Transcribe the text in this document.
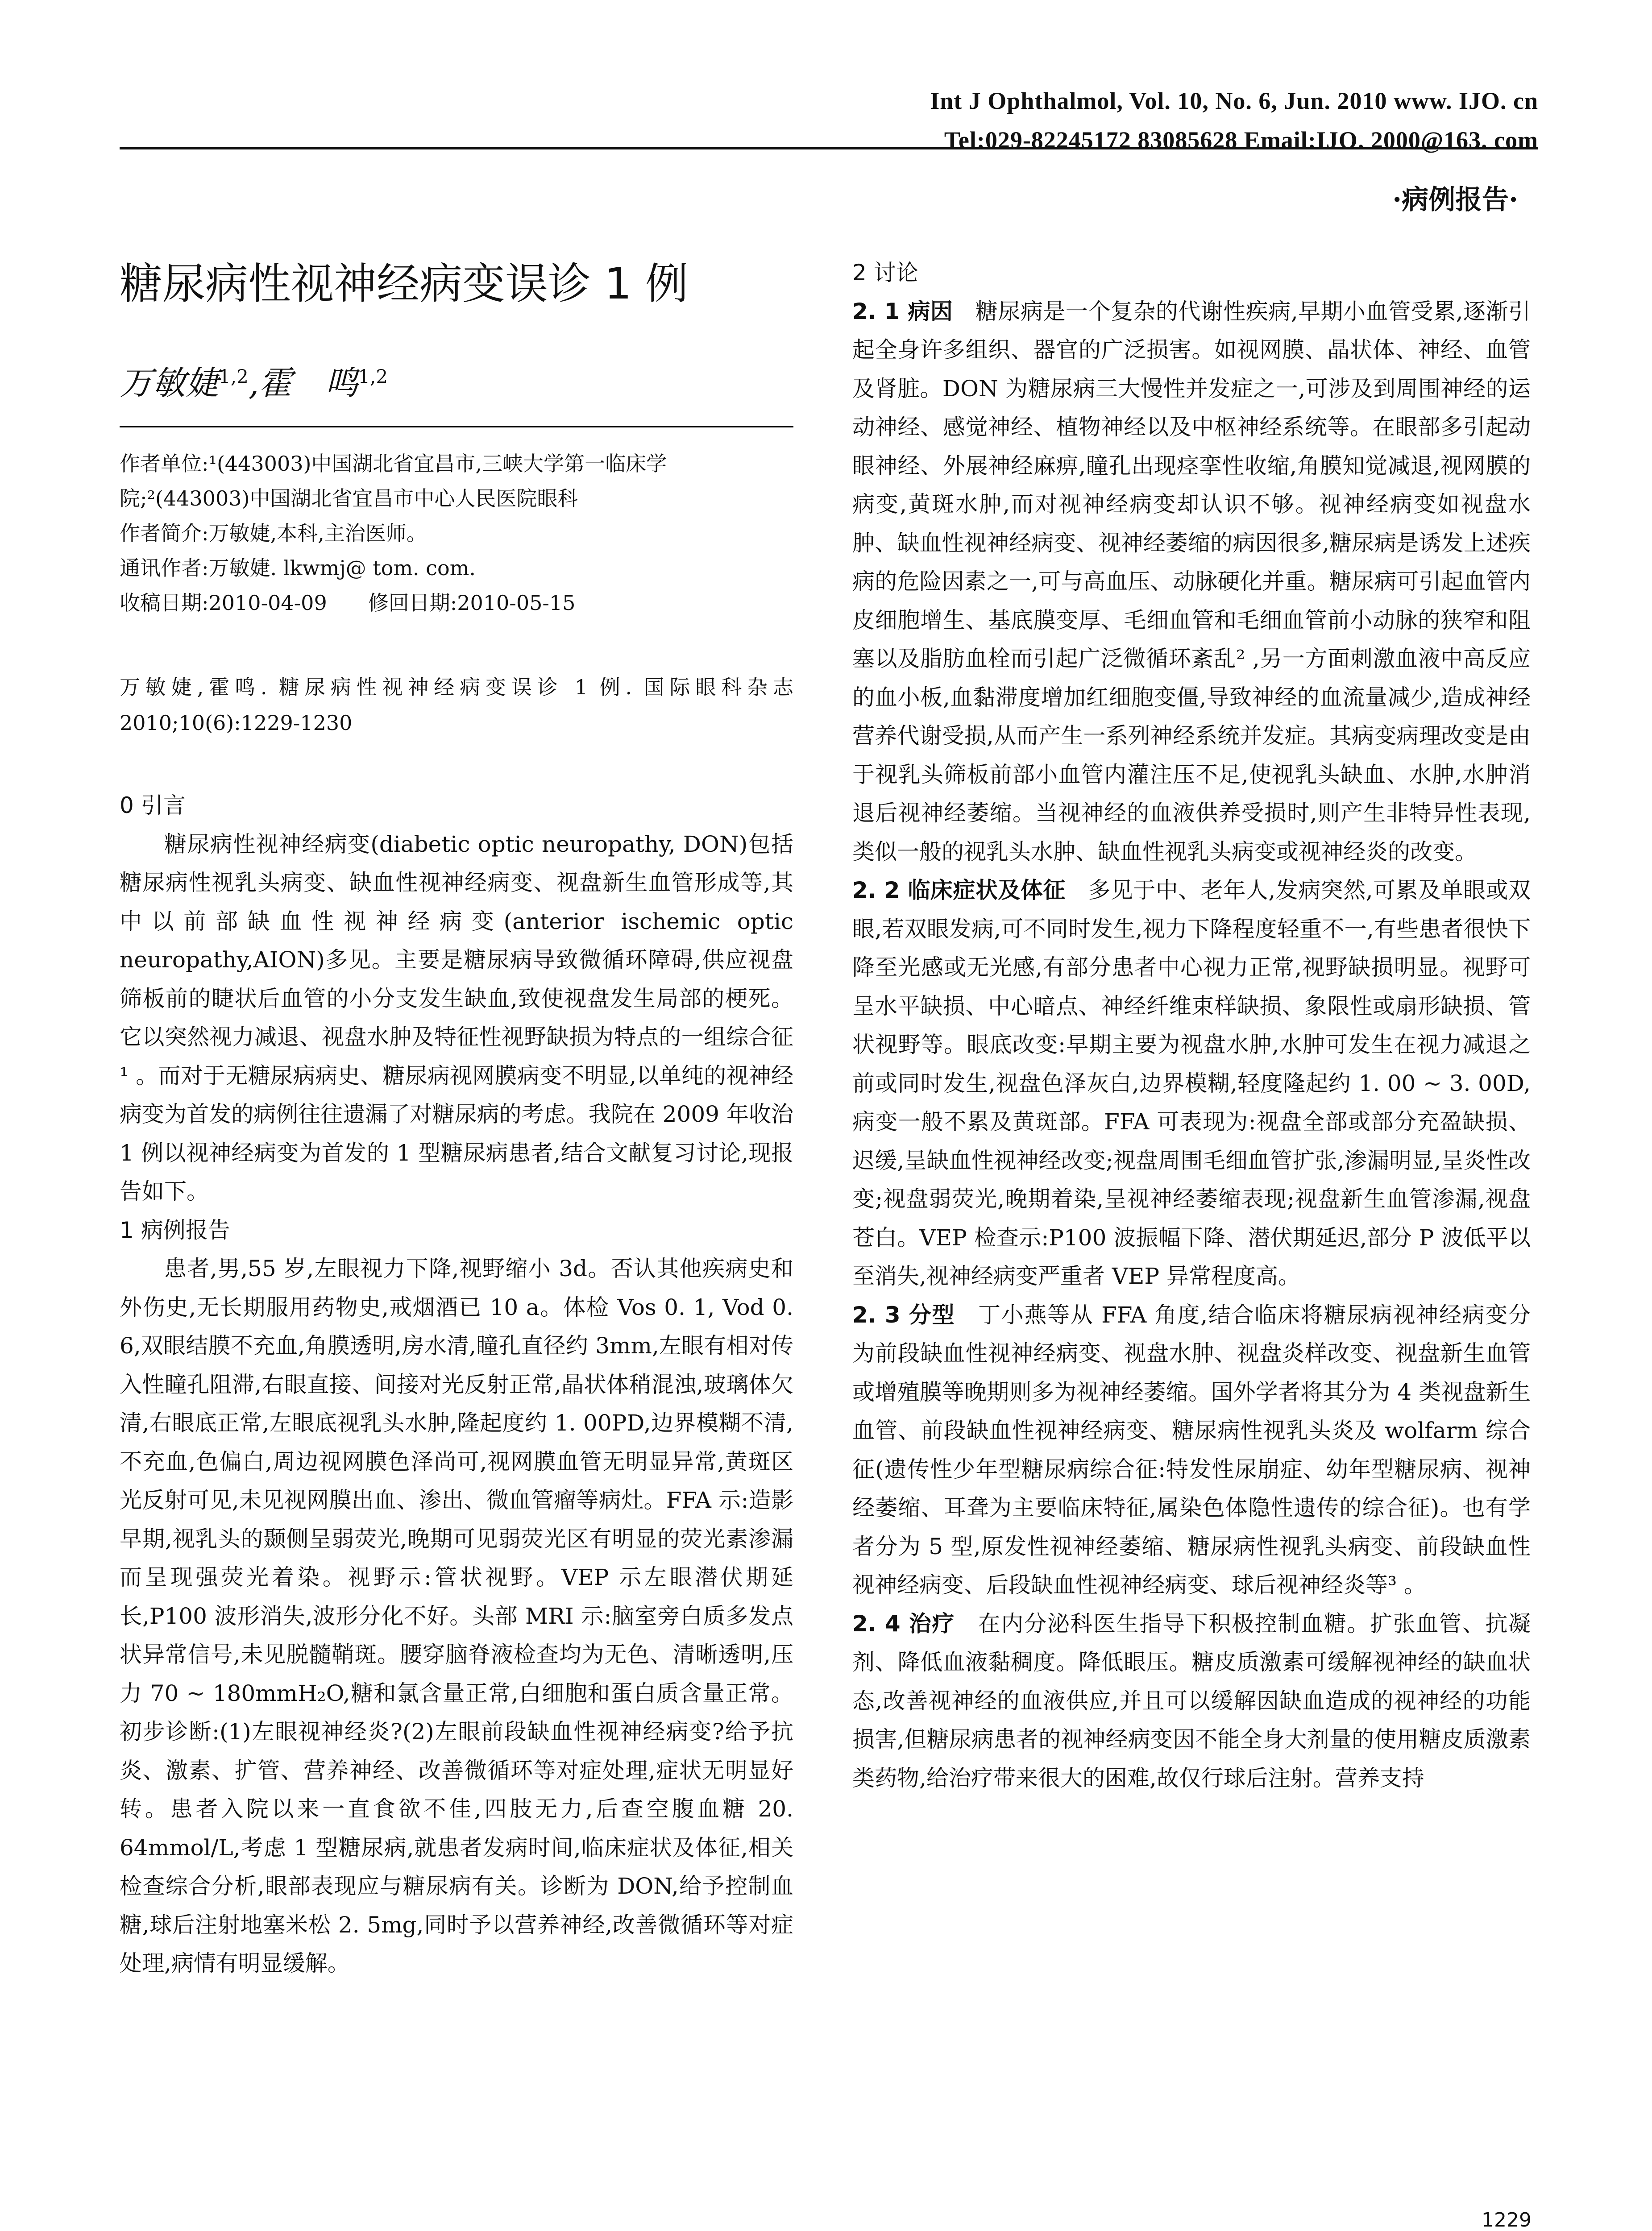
Int J Ophthalmol, Vol. 10, No. 6, Jun. 2010 www. IJO. cn
Tel:029-82245172 83085628 Email:IJO. 2000@163. com
·病例报告·
糖尿病性视神经病变误诊 1 例
万敏婕$^{1,2}$,霍　鸣$^{1,2}$

作者单位:¹(443003)中国湖北省宜昌市,三峡大学第一临床学院;²(443003)中国湖北省宜昌市中心人民医院眼科

作者简介:万敏婕,本科,主治医师。

通讯作者:万敏婕. lkwmj@ tom. com.

收稿日期:2010-04-09　　修回日期:2010-05-15

万敏婕,霍鸣. 糖尿病性视神经病变误诊 1 例. 国际眼科杂志 2010;10(6):1229-1230
0 引言

糖尿病性视神经病变(diabetic optic neuropathy, DON)包括糖尿病性视乳头病变、缺血性视神经病变、视盘新生血管形成等,其中以前部缺血性视神经病变(anterior ischemic optic neuropathy,AION)多见。主要是糖尿病导致微循环障碍,供应视盘筛板前的睫状后血管的小分支发生缺血,致使视盘发生局部的梗死。它以突然视力减退、视盘水肿及特征性视野缺损为特点的一组综合征¹ 。而对于无糖尿病病史、糖尿病视网膜病变不明显,以单纯的视神经病变为首发的病例往往遗漏了对糖尿病的考虑。我院在 2009 年收治 1 例以视神经病变为首发的 1 型糖尿病患者,结合文献复习讨论,现报告如下。

1 病例报告

患者,男,55 岁,左眼视力下降,视野缩小 3d。否认其他疾病史和外伤史,无长期服用药物史,戒烟酒已 10 a。体检 Vos 0. 1, Vod 0. 6,双眼结膜不充血,角膜透明,房水清,瞳孔直径约 3mm,左眼有相对传入性瞳孔阻滞,右眼直接、间接对光反射正常,晶状体稍混浊,玻璃体欠清,右眼底正常,左眼底视乳头水肿,隆起度约 1. 00PD,边界模糊不清,不充血,色偏白,周边视网膜色泽尚可,视网膜血管无明显异常,黄斑区光反射可见,未见视网膜出血、渗出、微血管瘤等病灶。FFA 示:造影早期,视乳头的颞侧呈弱荧光,晚期可见弱荧光区有明显的荧光素渗漏而呈现强荧光着染。视野示:管状视野。VEP 示左眼潜伏期延长,P100 波形消失,波形分化不好。头部 MRI 示:脑室旁白质多发点状异常信号,未见脱髓鞘斑。腰穿脑脊液检查均为无色、清晰透明,压力 70 ~ 180mmH₂O,糖和氯含量正常,白细胞和蛋白质含量正常。初步诊断:(1)左眼视神经炎?(2)左眼前段缺血性视神经病变?给予抗炎、激素、扩管、营养神经、改善微循环等对症处理,症状无明显好转。患者入院以来一直食欲不佳,四肢无力,后查空腹血糖 20. 64mmol/L,考虑 1 型糖尿病,就患者发病时间,临床症状及体征,相关检查综合分析,眼部表现应与糖尿病有关。诊断为 DON,给予控制血糖,球后注射地塞米松 2. 5mg,同时予以营养神经,改善微循环等对症处理,病情有明显缓解。

2 讨论

2. 1 病因　 糖尿病是一个复杂的代谢性疾病,早期小血管受累,逐渐引起全身许多组织、器官的广泛损害。如视网膜、晶状体、神经、血管及肾脏。DON 为糖尿病三大慢性并发症之一,可涉及到周围神经的运动神经、感觉神经、植物神经以及中枢神经系统等。在眼部多引起动眼神经、外展神经麻痹,瞳孔出现痉挛性收缩,角膜知觉减退,视网膜的病变,黄斑水肿,而对视神经病变却认识不够。视神经病变如视盘水肿、缺血性视神经病变、视神经萎缩的病因很多,糖尿病是诱发上述疾病的危险因素之一,可与高血压、动脉硬化并重。糖尿病可引起血管内皮细胞增生、基底膜变厚、毛细血管和毛细血管前小动脉的狭窄和阻塞以及脂肪血栓而引起广泛微循环紊乱² ,另一方面刺激血液中高反应的血小板,血黏滞度增加红细胞变僵,导致神经的血流量减少,造成神经营养代谢受损,从而产生一系列神经系统并发症。其病变病理改变是由于视乳头筛板前部小血管内灌注压不足,使视乳头缺血、水肿,水肿消退后视神经萎缩。当视神经的血液供养受损时,则产生非特异性表现,类似一般的视乳头水肿、缺血性视乳头病变或视神经炎的改变。

2. 2 临床症状及体征　 多见于中、老年人,发病突然,可累及单眼或双眼,若双眼发病,可不同时发生,视力下降程度轻重不一,有些患者很快下降至光感或无光感,有部分患者中心视力正常,视野缺损明显。视野可呈水平缺损、中心暗点、神经纤维束样缺损、象限性或扇形缺损、管状视野等。眼底改变:早期主要为视盘水肿,水肿可发生在视力减退之前或同时发生,视盘色泽灰白,边界模糊,轻度隆起约 1. 00 ~ 3. 00D,病变一般不累及黄斑部。FFA 可表现为:视盘全部或部分充盈缺损、迟缓,呈缺血性视神经改变;视盘周围毛细血管扩张,渗漏明显,呈炎性改变;视盘弱荧光,晚期着染,呈视神经萎缩表现;视盘新生血管渗漏,视盘苍白。VEP 检查示:P100 波振幅下降、潜伏期延迟,部分 P 波低平以至消失,视神经病变严重者 VEP 异常程度高。

2. 3 分型　 丁小燕等从 FFA 角度,结合临床将糖尿病视神经病变分为前段缺血性视神经病变、视盘水肿、视盘炎样改变、视盘新生血管或增殖膜等晚期则多为视神经萎缩。国外学者将其分为 4 类视盘新生血管、前段缺血性视神经病变、糖尿病性视乳头炎及 wolfarm 综合征(遗传性少年型糖尿病综合征:特发性尿崩症、幼年型糖尿病、视神经萎缩、耳聋为主要临床特征,属染色体隐性遗传的综合征)。也有学者分为 5 型,原发性视神经萎缩、糖尿病性视乳头病变、前段缺血性视神经病变、后段缺血性视神经病变、球后视神经炎等³ 。

2. 4 治疗　 在内分泌科医生指导下积极控制血糖。扩张血管、抗凝剂、降低血液黏稠度。降低眼压。糖皮质激素可缓解视神经的缺血状态,改善视神经的血液供应,并且可以缓解因缺血造成的视神经的功能损害,但糖尿病患者的视神经病变因不能全身大剂量的使用糖皮质激素类药物,给治疗带来很大的困难,故仅行球后注射。营养支持

1229
